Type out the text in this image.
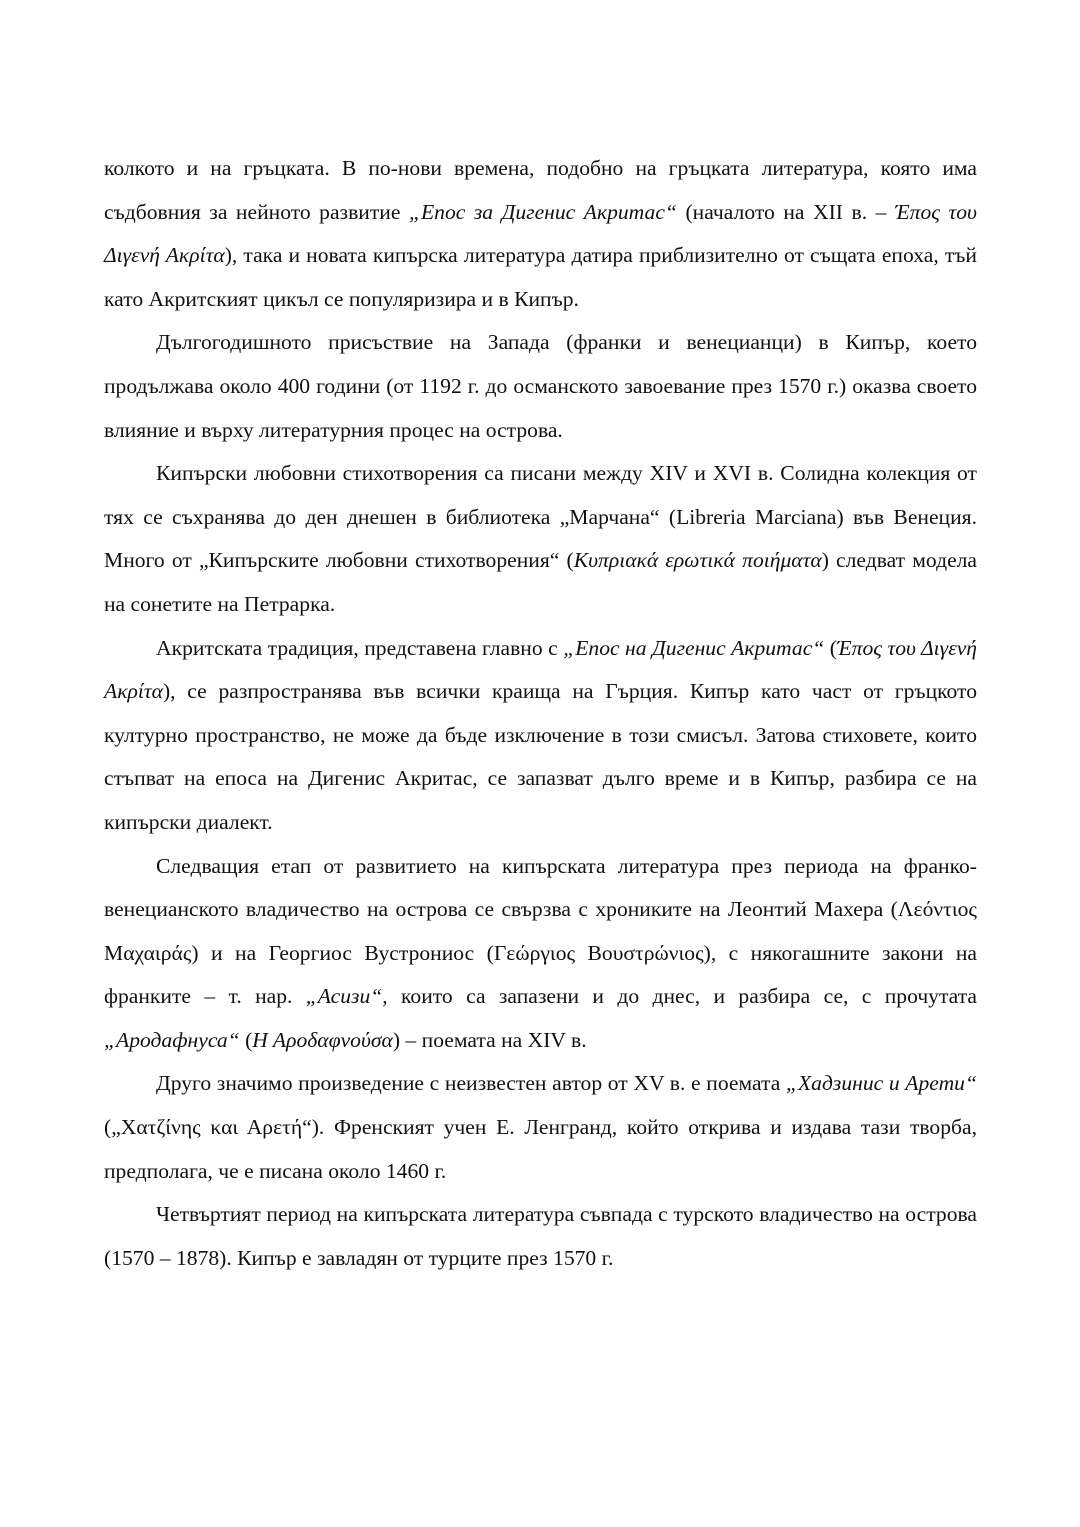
колкото и на гръцката. В по-нови времена, подобно на гръцката литература, която има съдбовния за нейното развитие „Епос за Дигенис Акритас“ (началото на XII в. – Έπος του Διγενή Ακρίτα), така и новата кипърска литература датира приблизително от същата епоха, тъй като Акритският цикъл се популяризира и в Кипър.

Дългогодишното присъствие на Запада (франки и венецианци) в Кипър, което продължава около 400 години (от 1192 г. до османското завоевание през 1570 г.) оказва своето влияние и върху литературния процес на острова.

Кипърски любовни стихотворения са писани между XIV и XVI в. Солидна колекция от тях се съхранява до ден днешен в библиотека „Марчана“ (Libreria Marciana) във Венеция. Много от „Кипърските любовни стихотворения“ (Κυπριακά ερωτικά ποιήματα) следват модела на сонетите на Петрарка.

Акритската традиция, представена главно с „Епос на Дигенис Акритас“ (Έπος του Διγενή Ακρίτα), се разпространява във всички краища на Гърция. Кипър като част от гръцкото културно пространство, не може да бъде изключение в този смисъл. Затова стиховете, които стъпват на епоса на Дигенис Акритас, се запазват дълго време и в Кипър, разбира се на кипърски диалект.

Следващия етап от развитието на кипърската литература през периода на франко-венецианското владичество на острова се свързва с хрониките на Леонтий Махера (Λεόντιος Μαχαιράς) и на Георгиос Вустрониос (Γεώργιος Βουστρώνιος), с някогашните закони на франките – т. нар. „Асизи“, които са запазени и до днес, и разбира се, с прочутата „Ародафнуса“ (Η Αροδαφνούσα) – поемата на XIV в.

Друго значимо произведение с неизвестен автор от XV в. е поемата „Хадзинис и Арети“ („Χατζίνης και Αρετή“). Френският учен Е. Ленгранд, който открива и издава тази творба, предполага, че е писана около 1460 г.

Четвъртият период на кипърската литература съвпада с турското владичество на острова (1570 – 1878). Кипър е завладян от турците през 1570 г.
